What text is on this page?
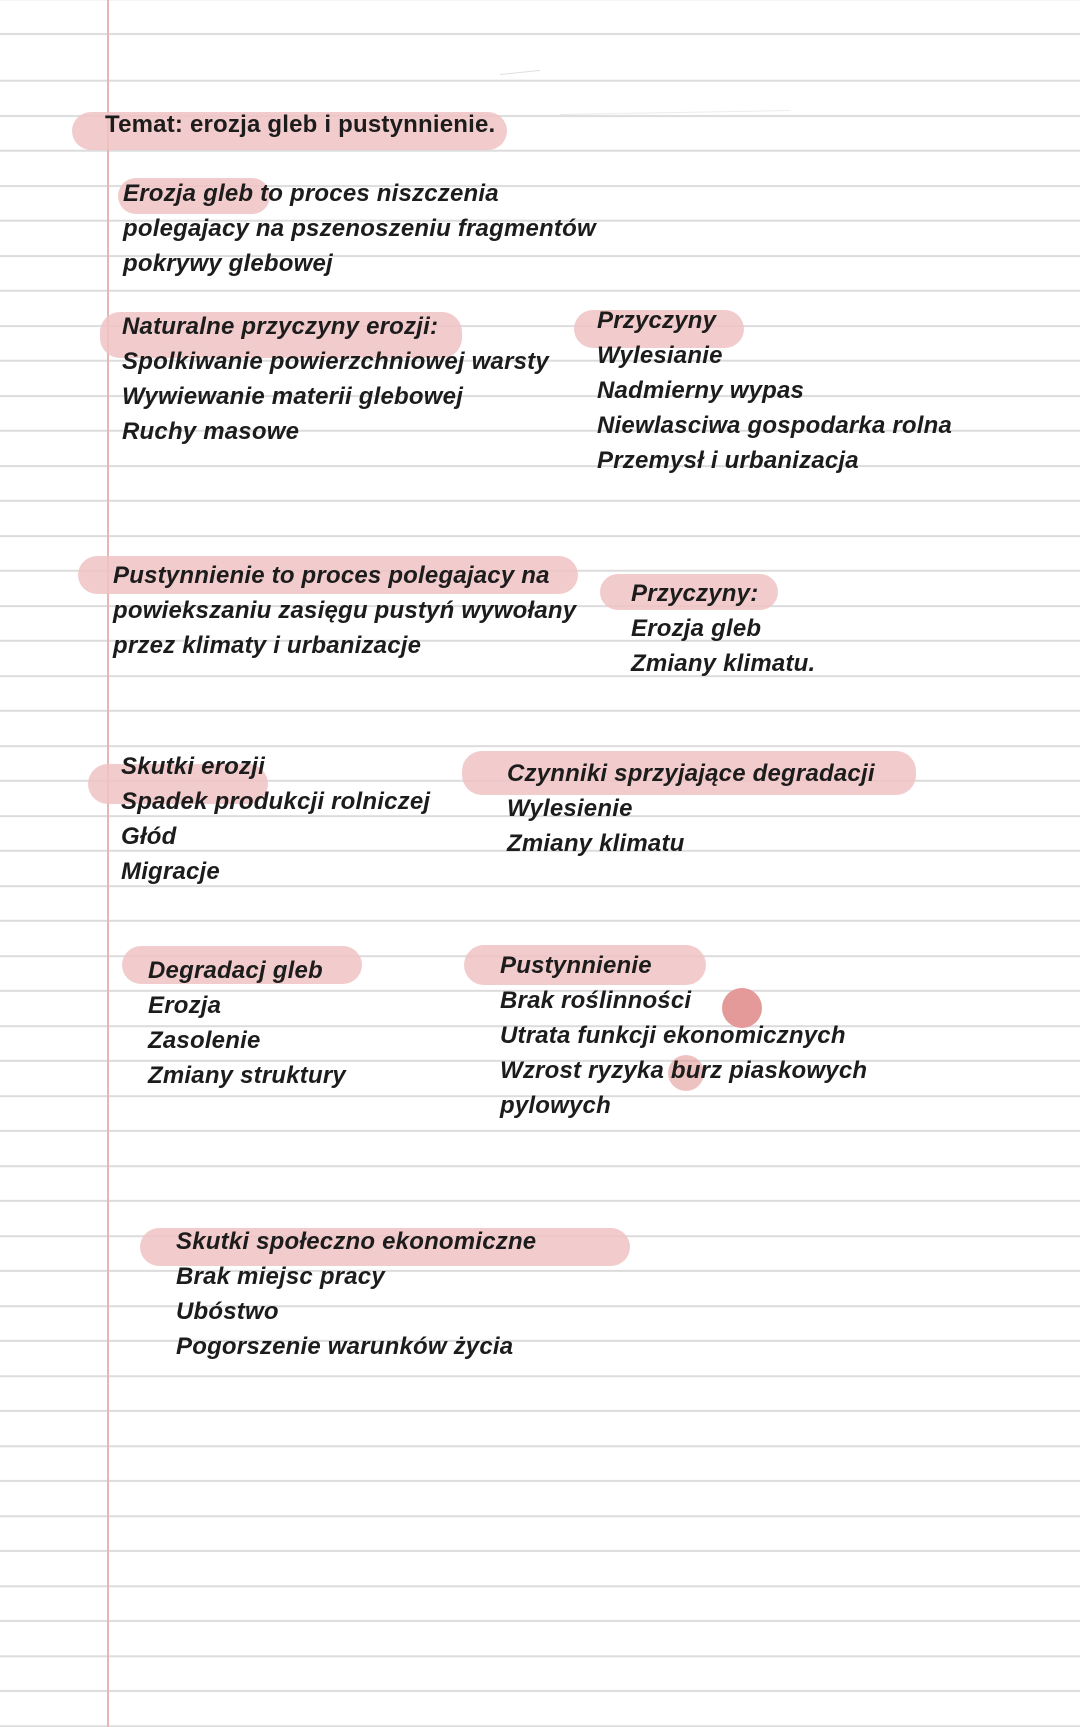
Temat: erozja gleb i pustynnienie.
Erozja gleb to proces niszczenia
polegajacy na pszenoszeniu fragmentów
pokrywy glebowej
Naturalne przyczyny erozji:
Spolkiwanie powierzchniowej warsty
Wywiewanie materii glebowej
Ruchy masowe
Przyczyny
Wylesianie
Nadmierny wypas
Niewlasciwa gospodarka rolna
Przemysł i urbanizacja
Pustynnienie to proces polegajacy na
powiekszaniu zasięgu pustyń wywołany
przez klimaty i urbanizacje
Przyczyny:
Erozja gleb
Zmiany klimatu.
Skutki erozji
Spadek produkcji rolniczej
Głód
Migracje
Czynniki sprzyjające degradacji
Wylesienie
Zmiany klimatu
Degradacj gleb
Erozja
Zasolenie
Zmiany struktury
Pustynnienie
Brak roślinności
Utrata funkcji ekonomicznych
Wzrost ryzyka burz piaskowych
pylowych
Skutki społeczno ekonomiczne
Brak miejsc pracy
Ubóstwo
Pogorszenie warunków życia
